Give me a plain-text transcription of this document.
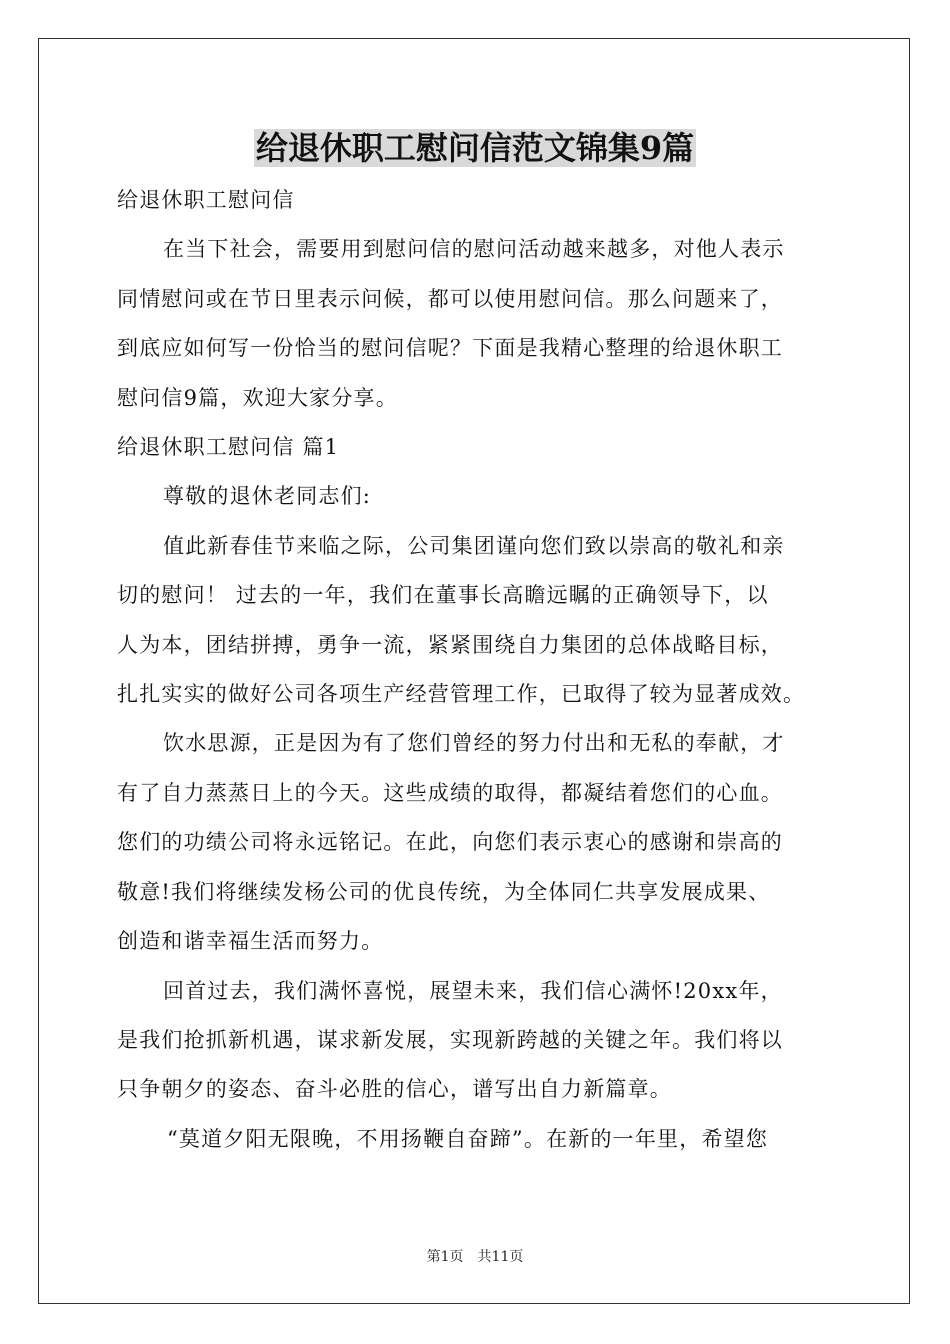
给退休职工慰问信范文锦集9篇

给退休职工慰问信

在当下社会，需要用到慰问信的慰问活动越来越多，对他人表示

同情慰问或在节日里表示问候，都可以使用慰问信。那么问题来了，

到底应如何写一份恰当的慰问信呢？下面是我精心整理的给退休职工

慰问信9篇，欢迎大家分享。

给退休职工慰问信 篇1

尊敬的退休老同志们:

值此新春佳节来临之际，公司集团谨向您们致以崇高的敬礼和亲

切的慰问！ 过去的一年，我们在董事长高瞻远瞩的正确领导下，以

人为本，团结拼搏，勇争一流，紧紧围绕自力集团的总体战略目标，

扎扎实实的做好公司各项生产经营管理工作，已取得了较为显著成效。

饮水思源，正是因为有了您们曾经的努力付出和无私的奉献，才

有了自力蒸蒸日上的今天。这些成绩的取得，都凝结着您们的心血。

您们的功绩公司将永远铭记。在此，向您们表示衷心的感谢和崇高的

敬意!我们将继续发杨公司的优良传统，为全体同仁共享发展成果、

创造和谐幸福生活而努力。

回首过去，我们满怀喜悦，展望未来，我们信心满怀!20xx年，

是我们抢抓新机遇，谋求新发展，实现新跨越的关键之年。我们将以

只争朝夕的姿态、奋斗必胜的信心，谱写出自力新篇章。

“莫道夕阳无限晚，不用扬鞭自奋蹄”。在新的一年里，希望您

第1页 共11页
